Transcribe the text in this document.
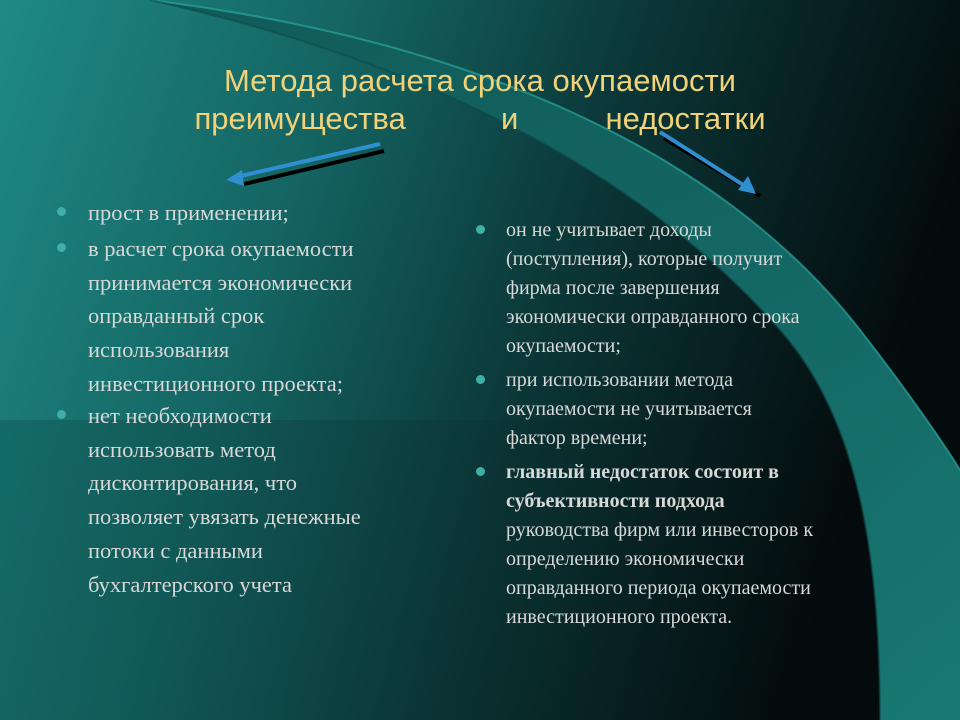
Метода расчета срока окупаемости
преимущества	и	недостатки
прост в применении;
в расчет срока окупаемости
принимается экономически
оправданный срок
использования
инвестиционного проекта;
нет необходимости
использовать метод
дисконтирования, что
позволяет увязать денежные
потоки с данными
бухгалтерского учета
он не учитывает доходы
(поступления), которые получит
фирма после завершения
экономически оправданного срока
окупаемости;
при использовании метода
окупаемости не учитывается
фактор времени;
главный недостаток состоит в
субъективности подхода
руководства фирм или инвесторов к
определению экономически
оправданного периода окупаемости
инвестиционного проекта.
